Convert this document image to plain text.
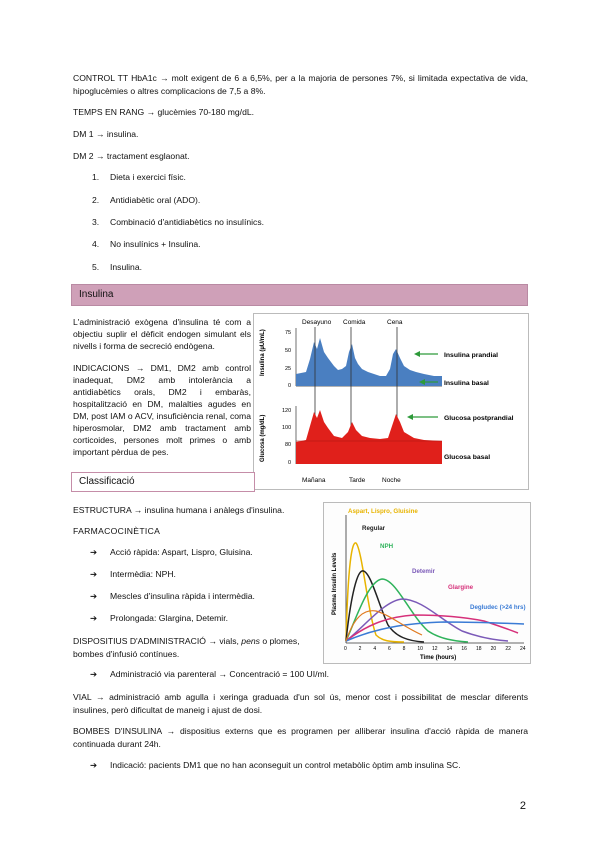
CONTROL TT HbA1c → molt exigent de 6 a 6,5%, per a la majoria de persones 7%, si limitada expectativa de vida, hipoglucèmies o altres complicacions de 7,5 a 8%.

TEMPS EN RANG → glucèmies 70-180 mg/dL.

DM 1 → insulina.

DM 2 → tractament esglaonat.

1. Dieta i exercici físic.
2. Antidiabètic oral (ADO).
3. Combinació d'antidiabètics no insulínics.
4. No insulínics + Insulina.
5. Insulina.
Insulina

L'administració exògena d'insulina té com a objectiu suplir el dèficit endogen simulant els nivells i forma de secreció endògena.

INDICACIONS → DM1, DM2 amb control inadequat, DM2 amb intolerància a antidiabètics orals, DM2 i embaràs, hospitalització en DM, malalties agudes en DM, post IAM o ACV, insuficiència renal, coma hiperosmolar, DM2 amb tractament amb corticoides, persones molt primes o amb important pèrdua de pes.

Desayuno Comida	Cena
Insulina (µU/mL)	75
50
25
0
Glucosa (mg/dL)
120
100
80
0
Mañana	Tarde	Noche
Insulina prandial
Insulina basal
Glucosa postprandial
Glucosa basal
Classificació

ESTRUCTURA → insulina humana i anàlegs d'insulina.

FARMACOCINÈTICA

➔ Acció ràpida: Aspart, Lispro, Gluisina.
➔ Intermèdia: NPH.
➔ Mescles d'insulina ràpida i intermèdia.
➔ Prolongada: Glargina, Detemir.

DISPOSITIUS D'ADMINISTRACIÓ → vials, pens o plomes, bombes d'infusió contínues.

➔ Administració via parenteral → Concentració = 100 UI/ml.

VIAL → administració amb agulla i xeringa graduada d'un sol ús, menor cost i possibilitat de mesclar diferents insulines, però dificultat de maneig i ajust de dosi.

BOMBES D'INSULINA → dispositius externs que es programen per alliberar insulina d'acció ràpida de manera continuada durant 24h.

➔ Indicació: pacients DM1 que no han aconseguit un control metabòlic òptim amb insulina SC.
Plasma Insulin Levels
Time (hours)
0 2 4 6 8 10 12 14 16 18 20 22 24
Aspart, Lispro, Gluisine
Regular
NPH
Detemir
Glargine
Degludec (>24 hrs)
2
